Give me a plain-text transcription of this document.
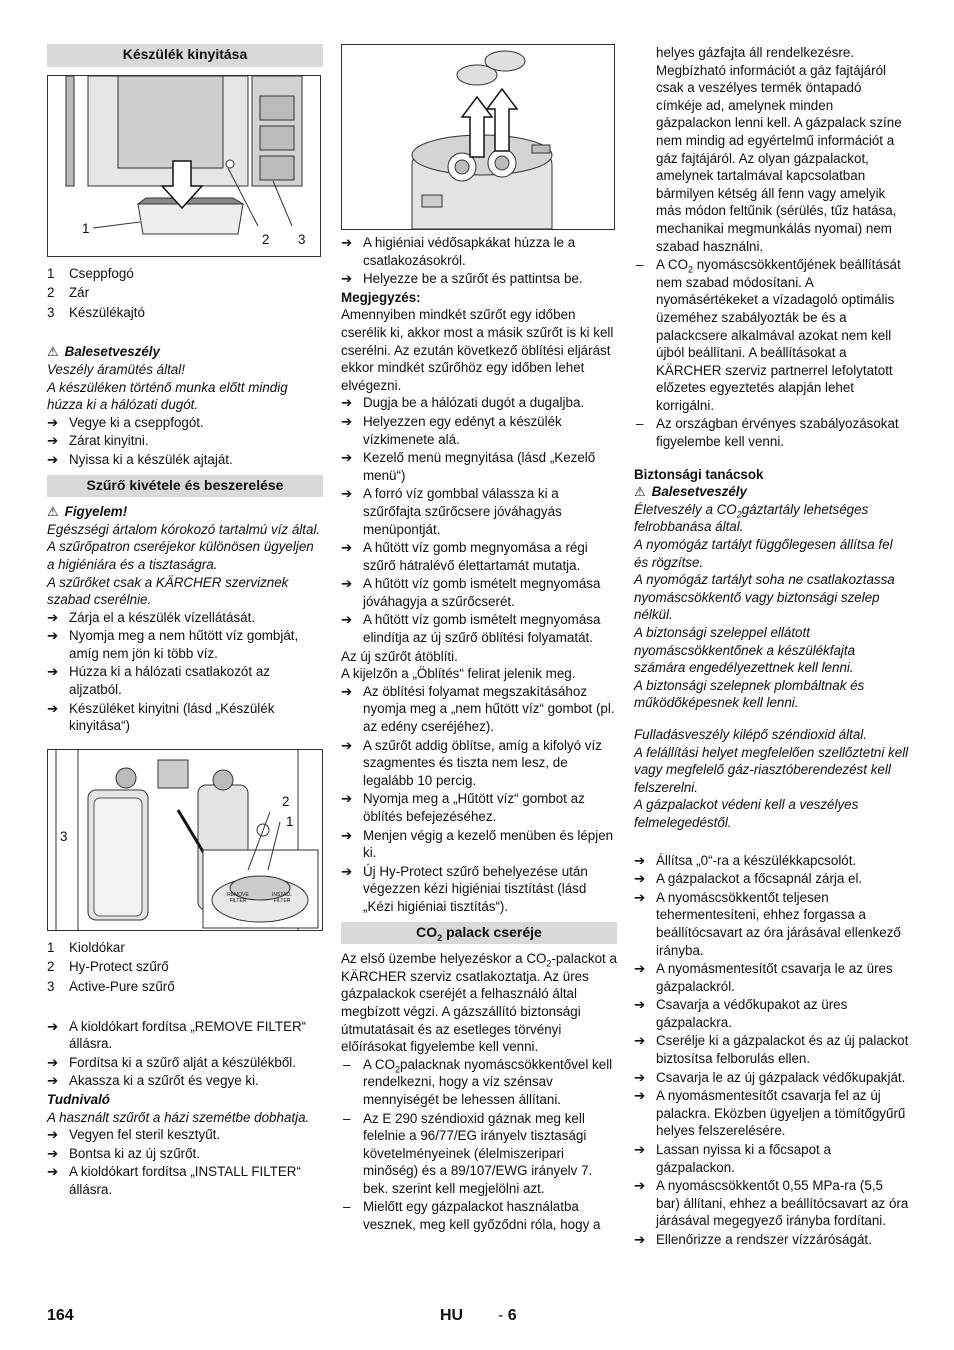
Készülék kinyitása
1
2 3
1 Cseppfogó
2 Zár
3 Készülékajtó

⚠ Balesetveszély

Veszély áramütés által!

A készüléken történő munka előtt mindig húzza ki a hálózati dugót.

➔ Vegye ki a cseppfogót.
➔ Zárat kinyitni.
➔ Nyissa ki a készülék ajtaját.
Szűrő kivétele és beszerelése

⚠ Figyelem!

Egészségi ártalom kórokozó tartalmú víz által. A szűrőpatron cseréjekor különösen ügyeljen a higiéniára és a tisztaságra.

A szűrőket csak a KÄRCHER szerviznek szabad cserélnie.

➔ Zárja el a készülék vízellátását.
➔ Nyomja meg a nem hűtött víz gombját, amíg nem jön ki több víz.
➔ Húzza ki a hálózati csatlakozót az aljzatból.
➔ Készüléket kinyitni (lásd „Készülék kinyitása“)
2
1
3
REMOVE FILTER
INSTALL FILTER
1 Kioldókar
2 Hy-Protect szűrő
3 Active-Pure szűrő
➔ A kioldókart fordítsa „REMOVE FILTER“ állásra.
➔ Fordítsa ki a szűrő alját a készülékből.
➔ Akassza ki a szűrőt és vegye ki.

Tudnivaló

A használt szűrőt a házi szemétbe dobhatja.

➔ Vegyen fel steril kesztyűt.
➔ Bontsa ki az új szűrőt.
➔ A kioldókart fordítsa „INSTALL FILTER“ állásra.
➔ A higiéniai védősapkákat húzza le a csatlakozásokról.
➔ Helyezze be a szűrőt és pattintsa be.

Megjegyzés:

Amennyiben mindkét szűrőt egy időben cserélik ki, akkor most a másik szűrőt is ki kell cserélni. Az ezután következő öblítési eljárást ekkor mindkét szűrőhöz egy időben lehet elvégezni.

➔ Dugja be a hálózati dugót a dugaljba.
➔ Helyezzen egy edényt a készülék vízkimenete alá.
➔ Kezelő menü megnyitása (lásd „Kezelő menü“)
➔ A forró víz gombbal válassza ki a szűrőfajta szűrőcsere jóváhagyás menüpontját.
➔ A hűtött víz gomb megnyomása a régi szűrő hátralévő élettartamát mutatja.
➔ A hűtött víz gomb ismételt megnyomása jóváhagyja a szűrőcserét.
➔ A hűtött víz gomb ismételt megnyomása elindítja az új szűrő öblítési folyamatát.

Az új szűrőt átöblíti.

A kijelzőn a „Öblítés“ felirat jelenik meg.

➔ Az öblítési folyamat megszakításához nyomja meg a „nem hűtött víz“ gombot (pl. az edény cseréjéhez).
➔ A szűrőt addig öblítse, amíg a kifolyó víz szagmentes és tiszta nem lesz, de legalább 10 percig.
➔ Nyomja meg a „Hűtött víz“ gombot az öblítés befejezéséhez.
➔ Menjen végig a kezelő menüben és lépjen ki.
➔ Új Hy-Protect szűrő behelyezése után végezzen kézi higiéniai tisztítást (lásd „Kézi higiéniai tisztítás“).
$CO_2$ palack cseréje

Az első üzembe helyezéskor a $CO_2$-palackot a KÄRCHER szerviz csatlakoztatja. Az üres gázpalackok cseréjét a felhasználó által megbízott végzi. A gázszállító biztonsági útmutatásait és az esetleges törvényi előírásokat figyelembe kell venni.

– A $CO_2palacknak$ nyomáscsökkentővel kell rendelkezni, hogy a víz szénsav mennyiségét be lehessen állítani.
– Az E 290 széndioxid gáznak meg kell felelnie a 96/77/EG irányelv tisztasági követelményeinek (élelmiszeripari minőség) és a 89/107/EWG irányelv 7. bek. szerint kell megjelölni azt.
– Mielőtt egy gázpalackot használatba vesznek, meg kell győződni róla, hogy a
helyes gázfajta áll rendelkezésre. Megbízható információt a gáz fajtájáról csak a veszélyes termék öntapadó címkéje ad, amelynek minden gázpalackon lenni kell. A gázpalack színe nem mindig ad egyértelmű információt a gáz fajtájáról. Az olyan gázpalackot, amelynek tartalmával kapcsolatban bármilyen kétség áll fenn vagy amelyik más módon feltűnik (sérülés, tűz hatása, mechanikai megmunkálás nyomai) nem szabad használni.
– A $CO_2$ nyomáscsökkentőjének beállítását nem szabad módosítani. A nyomásértékeket a vízadagoló optimális üzeméhez szabályozták be és a palackcsere alkalmával azokat nem kell újból beállítani. A beállításokat a KÄRCHER szerviz partnerrel lefolytatott előzetes egyeztetés alapján lehet korrigálni.
– Az országban érvényes szabályozásokat figyelembe kell venni.

Biztonsági tanácsok

⚠ Balesetveszély

Életveszély a $CO_2gáztartály$ lehetséges felrobbanása által.

A nyomógáz tartályt függőlegesen állítsa fel és rögzítse.

A nyomógáz tartályt soha ne csatlakoztassa nyomáscsökkentő vagy biztonsági szelep nélkül.

A biztonsági szeleppel ellátott nyomáscsökkentőnek a készülékfajta számára engedélyezettnek kell lenni.

A biztonsági szelepnek plombáltnak és működőképesnek kell lenni.

Fulladásveszély kilépő széndioxid által.

A felállítási helyet megfelelően szellőztetni kell vagy megfelelő gáz-riasztóberendezést kell felszerelni.

A gázpalackot védeni kell a veszélyes felmelegedéstől.

➔ Állítsa „0“-ra a készülékkapcsolót.
➔ A gázpalackot a főcsapnál zárja el.
➔ A nyomáscsökkentőt teljesen tehermentesíteni, ehhez forgassa a beállítócsavart az óra járásával ellenkező irányba.
➔ A nyomásmentesítőt csavarja le az üres gázpalackról.
➔ Csavarja a védőkupakot az üres gázpalackra.
➔ Cserélje ki a gázpalackot és az új palackot biztosítsa felborulás ellen.
➔ Csavarja le az új gázpalack védőkupakját.
➔ A nyomásmentesítőt csavarja fel az új palackra. Eközben ügyeljen a tömítőgyűrű helyes felszerelésére.
➔ Lassan nyissa ki a főcsapot a gázpalackon.
➔ A nyomáscsökkentőt 0,55 MPa-ra (5,5 bar) állítani, ehhez a beállítócsavart az óra járásával megegyező irányba fordítani.
➔ Ellenőrizze a rendszer vízzáróságát.
164	HU - 6
